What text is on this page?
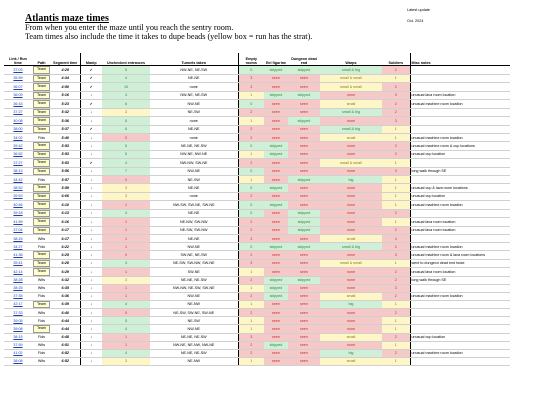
Atlantis maze times
From when you enter the maze until you reach the sentry room.
Team times also include the time it takes to dupe beads (yellow box = run has the strat).
Latest update
Oct. 2024
Link / Run time	Path	Segment time	Manip	Unchecked entrances	Tunnels taken	Empty rooms	Eel figurine	Dungeon dead end	Warps	Soldiers	Misc notes
37:03	Team	4:29	✔	5	NW-NE, NE-SW	0	skipped	skipped	small & big	2	
35:59	Team	4:34	✔	4	NE-NE	3	seen	seen	small & small	1	
36:07	Team	4:50	✔	10	none	3	seen	seen	small & small	2	
36:09	Team	5:16	↓	4	NW-NE, NE-SW	1	skipped	skipped	none	3	unusual lava room location
36:43	Team	5:23	✔	6	NW-NE	0	seen	seen	small	2	unusual machine room location
37:27	Team	5:32	↓	3	NE-SW	2	seen	seen	small & big	2	
40:08	Team	5:36	↓	6	none	1	seen	skipped	none	3	
38:00	Team	5:37	✔	6	NE-NE	2	seen	seen	small & big	1	
34:02	Fids	5:40	↓	0	none	2	seen	seen	small	1	unusual machine room location
39:42	Team	5:53	↓	5	NE-NE, NE-SW	0	skipped	seen	none	2	unusual machine room & cup locations
36:52	Team	5:53	↓	5	NW-NE, NW-NE	1	skipped	seen	none	2	unusual cup location
37:27	Team	5:53	✔	4	NW-NW, SW-NE	2	seen	seen	small & small	1	
38:13	Team	5:56	↓	7	NW-NE	0	seen	seen	none	3	long walk through SE
34:42	Fids	5:57	↓	0	NE-SW	1	seen	skipped	big	1	
38:52	Team	5:59	↓	3	NE-NE	0	skipped	seen	none	1	unusual cup & lava room locations
39:53	Team	6:06	↓	3	none	2	seen	seen	none	1	unusual cup location
40:46	Team	6:10	↓	1	NW-SW, SW-NE, SW-NE	0	skipped	seen	none	1	unusual machine room location
39:18	Team	6:13	↓	4	NE-NE	0	seen	skipped	none	2	
41:59	Team	6:16	↓	1	NE-NW, SW-NW	2	seen	skipped	none	1	unusual lava room location
37:04	Team	6:17	↓	1	NE-SW, SW-NW	2	seen	skipped	none	2	unusual lava room location
38:15	Wits	6:17	↓	1	NE-NE	3	seen	seen	small	4	
34:27	Fids	6:22	↓	1	NW-NE	0	skipped	skipped	small & big	2	unusual machine room location
41:36	Team	6:25	↓	0	SW-NE, NE-SW	2	seen	seen	none	3	unusual machine room & lava room locations
39:41	Team	6:28	↓	4	NE-SW, SW-NW, SW-NE	3	seen	seen	small & small	1	went to dungeon dead end twice
42:14	Team	6:29	↓	1	SW-NE	1	seen	seen	none	2	unusual lava room location
38:28	Wits	6:32	↓	3	NE-NE, NE-SW	2	skipped	skipped	none	2	long walk through SE
38:25	Wits	6:35	↓	1	NW-NW, NE-SW, SW-NE	1	skipped	seen	none	3	
37:35	Fids	6:36	↓	1	NW-NE	2	skipped	seen	small	2	unusual machine room location
42:17	Team	6:39	↓	4	NE-NW	1	seen	seen	big	1	
37:33	Wits	6:40	↓	0	NE-SW, SW-NE, SW-NE	2	seen	seen	none	2	
39:05	Fids	6:44	↓	5	NE-SW	1	seen	seen	none	1	
39:08	Team	6:44	↓	4	NW-NE	1	seen	seen	none	1	
38:15	Fids	6:48	↓	1	NE-NE, NE-SW	3	seen	seen	small	2	unusual cup location
37:59	Wits	6:51	↓	1	NW-NE, NE-NW, NW-NE	2	skipped	seen	none	1	
41:02	Fids	6:52	↓	4	NE-NE, NE-SW	2	seen	seen	big	2	unusual machine room location
38:08	Wits	6:52	↓	3	NE-NW	1	seen	seen	small	1	
